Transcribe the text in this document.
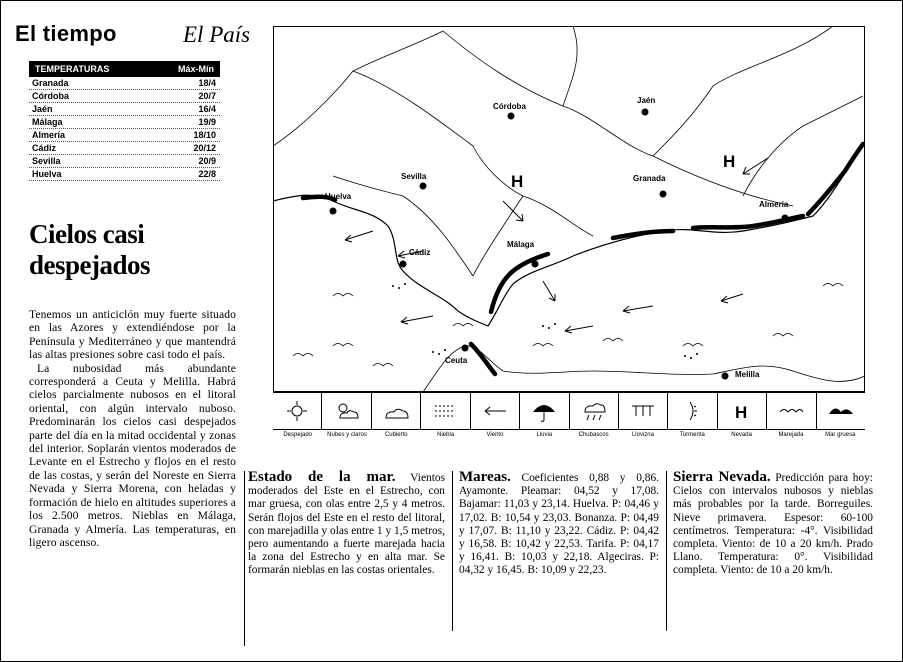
El tiempo	El País
TEMPERATURAS	Máx-Mín
Granada	18/4
Córdoba	20/7
Jaén	16/4
Málaga	19/9
Almería	18/10
Cádiz	20/12
Sevilla	20/9
Huelva	22/8
Cielos casi despejados

Tenemos un anticiclón muy fuerte situado en las Azores y extendiéndose por la Península y Mediterráneo y que mantendrá las altas presiones sobre casi todo el país.

La nubosidad más abundante corresponderá a Ceuta y Melilla. Habrá cielos parcialmente nubosos en el litoral oriental, con algún intervalo nuboso. Predominarán los cielos casi despejados parte del día en la mitad occidental y zonas del interior. Soplarán vientos moderados de Levante en el Estrecho y flojos en el resto de las costas, y serán del Noreste en Sierra Nevada y Sierra Morena, con heladas y formación de hielo en altitudes superiores a los 2.500 metros. Nieblas en Málaga, Granada y Almería. Las temperaturas, en ligero ascenso.

Córdoba
Jaén
Sevilla
Huelva
Granada
Almería
Cádiz
Málaga
Ceuta
Melilla
H
H
H
Despejado	Nubes y claros	Cubierto	Niebla	Viento	Lluvia	Chubascos	Llovizna	Tormenta	Nevada	Marejada	Mar gruesa
Estado de la mar. Vientos moderados del Este en el Estrecho, con mar gruesa, con olas entre 2,5 y 4 metros. Serán flojos del Este en el resto del litoral, con marejadilla y olas entre 1 y 1,5 metros, pero aumentando a fuerte marejada hacia la zona del Estrecho y en alta mar. Se formarán nieblas en las costas orientales.
Mareas. Coeficientes 0,88 y 0,86. Ayamonte. Pleamar: 04,52 y 17,08. Bajamar: 11,03 y 23,14. Huelva. P: 04,46 y 17,02. B: 10,54 y 23,03. Bonanza. P: 04,49 y 17,07. B: 11,10 y 23,22. Cádiz. P: 04,42 y 16,58. B: 10,42 y 22,53. Tarifa. P: 04,17 y 16,41. B: 10,03 y 22,18. Algeciras. P: 04,32 y 16,45. B: 10,09 y 22,23.
Sierra Nevada. Predicción para hoy: Cielos con intervalos nubosos y nieblas más probables por la tarde. Borreguiles. Nieve primavera. Espesor: 60-100 centímetros. Temperatura: -4°. Visibilidad completa. Viento: de 10 a 20 km/h. Prado Llano. Temperatura: 0°. Visibilidad completa. Viento: de 10 a 20 km/h.
